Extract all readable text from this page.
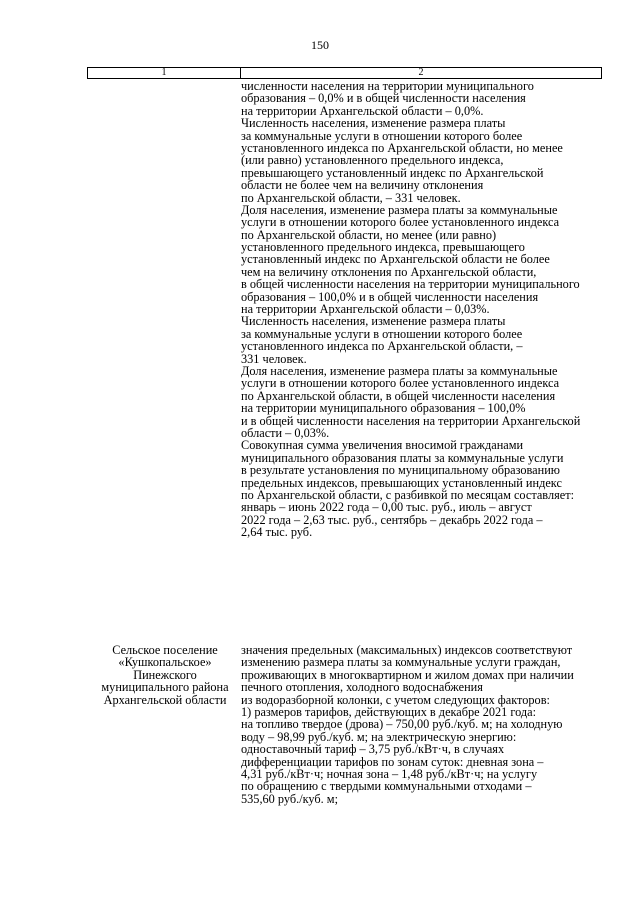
150
1	2
численности населения на территории муниципального
образования – 0,0% и в общей численности населения
на территории Архангельской области – 0,0%.
Численность населения, изменение размера платы
за коммунальные услуги в отношении которого более
установленного индекса по Архангельской области, но менее
(или равно) установленного предельного индекса,
превышающего установленный индекс по Архангельской
области не более чем на величину отклонения
по Архангельской области, – 331 человек.
Доля населения, изменение размера платы за коммунальные
услуги в отношении которого более установленного индекса
по Архангельской области, но менее (или равно)
установленного предельного индекса, превышающего
установленный индекс по Архангельской области не более
чем на величину отклонения по Архангельской области,
в общей численности населения на территории муниципального
образования – 100,0% и в общей численности населения
на территории Архангельской области – 0,03%.
Численность населения, изменение размера платы
за коммунальные услуги в отношении которого более
установленного индекса по Архангельской области, –
331 человек.
Доля населения, изменение размера платы за коммунальные
услуги в отношении которого более установленного индекса
по Архангельской области, в общей численности населения
на территории муниципального образования – 100,0%
и в общей численности населения на территории Архангельской
области – 0,03%.
Совокупная сумма увеличения вносимой гражданами
муниципального образования платы за коммунальные услуги
в результате установления по муниципальному образованию
предельных индексов, превышающих установленный индекс
по Архангельской области, с разбивкой по месяцам составляет:
январь – июнь 2022 года – 0,00 тыс. руб., июль – август
2022 года – 2,63 тыс. руб., сентябрь – декабрь 2022 года –
2,64 тыс. руб.
Сельское поселение
«Кушкопальское»
Пинежского
муниципального района
Архангельской области
значения предельных (максимальных) индексов соответствуют
изменению размера платы за коммунальные услуги граждан,
проживающих в многоквартирном и жилом домах при наличии
печного отопления, холодного водоснабжения
из водоразборной колонки, с учетом следующих факторов:
1) размеров тарифов, действующих в декабре 2021 года:
на топливо твердое (дрова) – 750,00 руб./куб. м; на холодную
воду – 98,99 руб./куб. м; на электрическую энергию:
одноставочный тариф – 3,75 руб./кВт·ч, в случаях
дифференциации тарифов по зонам суток: дневная зона –
4,31 руб./кВт·ч; ночная зона – 1,48 руб./кВт·ч; на услугу
по обращению с твердыми коммунальными отходами –
535,60 руб./куб. м;
